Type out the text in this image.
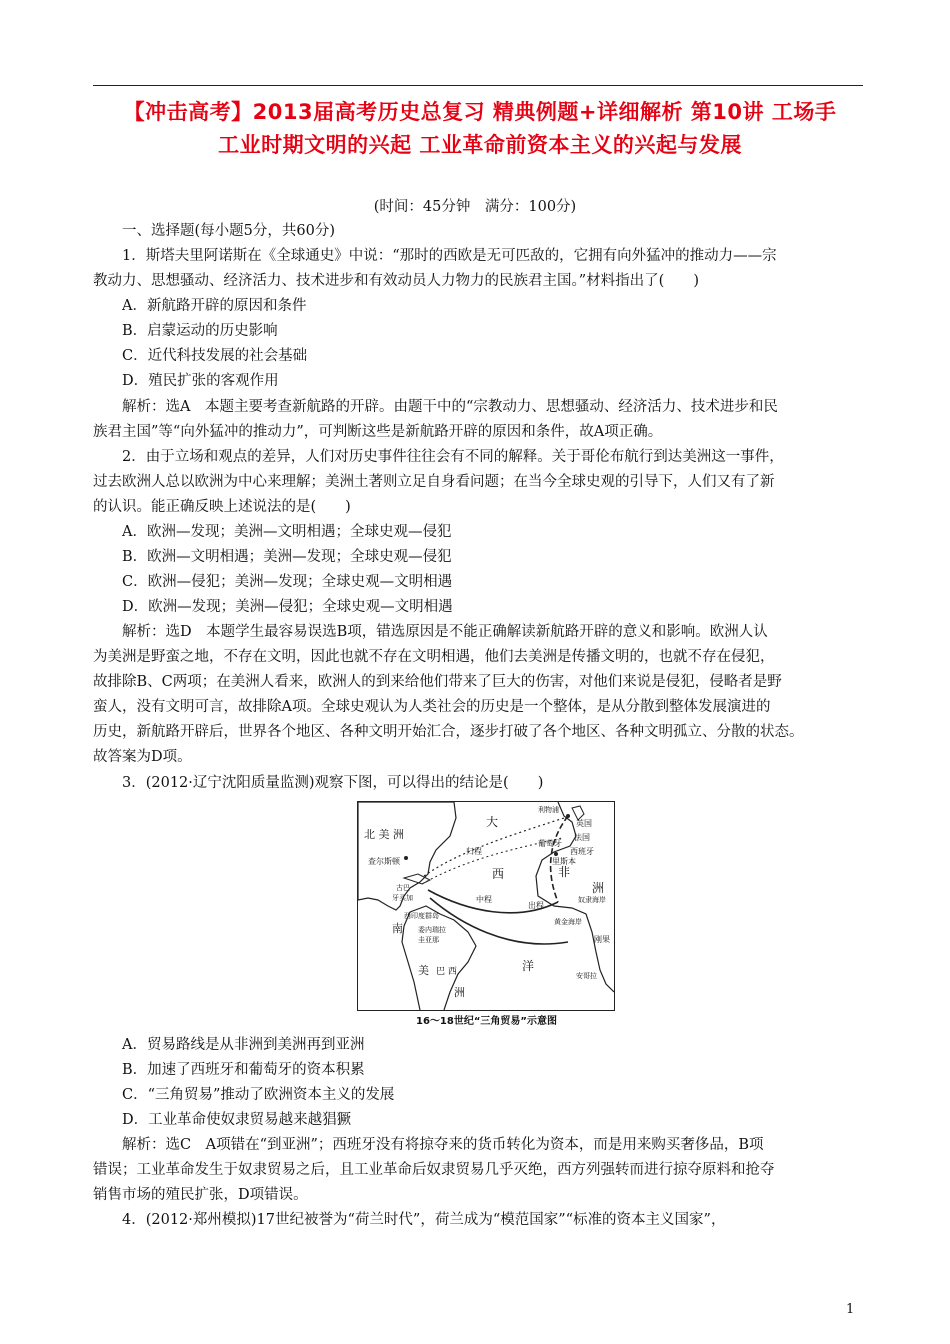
【冲击高考】2013届高考历史总复习 精典例题+详细解析 第10讲 工场手
工业时期文明的兴起 工业革命前资本主义的兴起与发展
(时间：45分钟　满分：100分)
一、选择题(每小题5分，共60分)
1．斯塔夫里阿诺斯在《全球通史》中说：“那时的西欧是无可匹敌的，它拥有向外猛冲的推动力——宗
教动力、思想骚动、经济活力、技术进步和有效动员人力物力的民族君主国。”材料指出了(　　)
A．新航路开辟的原因和条件
B．启蒙运动的历史影响
C．近代科技发展的社会基础
D．殖民扩张的客观作用
解析：选A　本题主要考查新航路的开辟。由题干中的“宗教动力、思想骚动、经济活力、技术进步和民
族君主国”等“向外猛冲的推动力”，可判断这些是新航路开辟的原因和条件，故A项正确。
2．由于立场和观点的差异，人们对历史事件往往会有不同的解释。关于哥伦布航行到达美洲这一事件，
过去欧洲人总以欧洲为中心来理解；美洲土著则立足自身看问题；在当今全球史观的引导下，人们又有了新
的认识。能正确反映上述说法的是(　　)
A．欧洲—发现；美洲—文明相遇；全球史观—侵犯
B．欧洲—文明相遇；美洲—发现；全球史观—侵犯
C．欧洲—侵犯；美洲—发现；全球史观—文明相遇
D．欧洲—发现；美洲—侵犯；全球史观—文明相遇
解析：选D　本题学生最容易误选B项，错选原因是不能正确解读新航路开辟的意义和影响。欧洲人认
为美洲是野蛮之地，不存在文明，因此也就不存在文明相遇，他们去美洲是传播文明的，也就不存在侵犯，
故排除B、C两项；在美洲人看来，欧洲人的到来给他们带来了巨大的伤害，对他们来说是侵犯，侵略者是野
蛮人，没有文明可言，故排除A项。全球史观认为人类社会的历史是一个整体，是从分散到整体发展演进的
历史，新航路开辟后，世界各个地区、各种文明开始汇合，逐步打破了各个地区、各种文明孤立、分散的状态。
故答案为D项。
3．(2012·辽宁沈阳质量监测)观察下图，可以得出的结论是(　　)
北 美 洲
大
西
洋
非
洲
南
美
洲
巴 西
利物浦
英国
法国
葡萄牙
西班牙
里斯本
查尔斯顿
古巴
牙买加
西印度群岛
委内瑞拉
圭亚那
归程
中程
出程
奴隶海岸
黄金海岸
刚果
安哥拉
16～18世纪“三角贸易”示意图
A．贸易路线是从非洲到美洲再到亚洲
B．加速了西班牙和葡萄牙的资本积累
C．“三角贸易”推动了欧洲资本主义的发展
D．工业革命使奴隶贸易越来越猖獗
解析：选C　A项错在“到亚洲”；西班牙没有将掠夺来的货币转化为资本，而是用来购买奢侈品，B项
错误；工业革命发生于奴隶贸易之后，且工业革命后奴隶贸易几乎灭绝，西方列强转而进行掠夺原料和抢夺
销售市场的殖民扩张，D项错误。
4．(2012·郑州模拟)17世纪被誉为“荷兰时代”，荷兰成为“模范国家”“标准的资本主义国家”，
1
